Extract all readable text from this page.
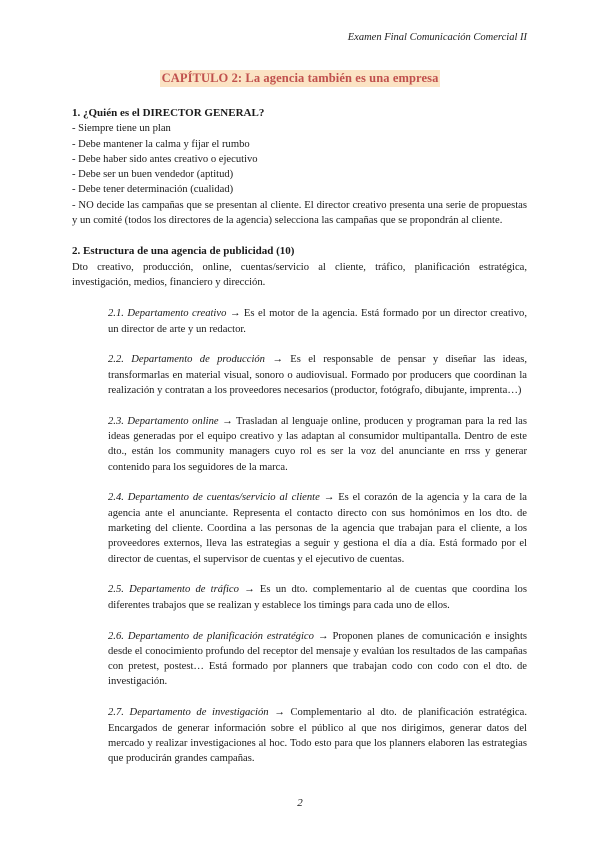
Examen Final Comunicación Comercial II
CAPÍTULO 2: La agencia también es una empresa

1. ¿Quién es el DIRECTOR GENERAL?

- Siempre tiene un plan

- Debe mantener la calma y fijar el rumbo

- Debe haber sido antes creativo o ejecutivo

- Debe ser un buen vendedor (aptitud)

- Debe tener determinación (cualidad)

- NO decide las campañas que se presentan al cliente. El director creativo presenta una serie de propuestas y un comité (todos los directores de la agencia) selecciona las campañas que se propondrán al cliente.

2. Estructura de una agencia de publicidad (10)

Dto creativo, producción, online, cuentas/servicio al cliente, tráfico, planificación estratégica, investigación, medios, financiero y dirección.

2.1. Departamento creativo → Es el motor de la agencia. Está formado por un director creativo, un director de arte y un redactor.

2.2. Departamento de producción → Es el responsable de pensar y diseñar las ideas, transformarlas en material visual, sonoro o audiovisual. Formado por producers que coordinan la realización y contratan a los proveedores necesarios (productor, fotógrafo, dibujante, imprenta…)

2.3. Departamento online → Trasladan al lenguaje online, producen y programan para la red las ideas generadas por el equipo creativo y las adaptan al consumidor multipantalla. Dentro de este dto., están los community managers cuyo rol es ser la voz del anunciante en rrss y generar contenido para los seguidores de la marca.

2.4. Departamento de cuentas/servicio al cliente → Es el corazón de la agencia y la cara de la agencia ante el anunciante. Representa el contacto directo con sus homónimos en los dto. de marketing del cliente. Coordina a las personas de la agencia que trabajan para el cliente, a los proveedores externos, lleva las estrategias a seguir y gestiona el día a día. Está formado por el director de cuentas, el supervisor de cuentas y el ejecutivo de cuentas.

2.5. Departamento de tráfico → Es un dto. complementario al de cuentas que coordina los diferentes trabajos que se realizan y establece los timings para cada uno de ellos.

2.6. Departamento de planificación estratégico → Proponen planes de comunicación e insights desde el conocimiento profundo del receptor del mensaje y evalúan los resultados de las campañas con pretest, postest… Está formado por planners que trabajan codo con codo con el dto. de investigación.

2.7. Departamento de investigación → Complementario al dto. de planificación estratégica. Encargados de generar información sobre el público al que nos dirigimos, generar datos del mercado y realizar investigaciones al hoc. Todo esto para que los planners elaboren las estrategias que producirán grandes campañas.

2
